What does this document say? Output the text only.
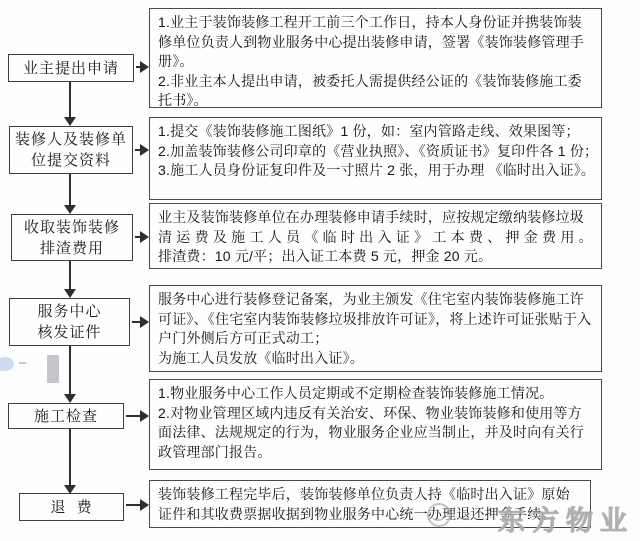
业主提出申请
装修人及装修单
位提交资料
收取装饰装修
排渣费用
服务中心
核发证件
施工检查
退  费
1.业主于装饰装修工程开工前三个工作日，持本人身份证并携装饰装
修单位负责人到物业服务中心提出装修申请，签署《装饰装修管理手
册》。
2.非业主本人提出申请，被委托人需提供经公证的《装饰装修施工委
托书》。
1.提交《装饰装修施工图纸》1 份，如：室内管路走线、效果图等；
2.加盖装饰装修公司印章的《营业执照》、《资质证书》复印件各 1 份；
3.施工人员身份证复印件及一寸照片 2 张，用于办理 《临时出入证》。
业主及装饰装修单位在办理装修申请手续时，应按规定缴纳装修垃圾
清 运 费 及 施 工 人 员 《 临 时 出 入 证 》 工 本 费 、 押 金 费 用 。
排渣费：10 元/平；出入证工本费 5 元，押金 20 元。
服务中心进行装修登记备案，为业主颁发《住宅室内装饰装修施工许
可证》、《住宅室内装饰装修垃圾排放许可证》，将上述许可证张贴于入
户门外侧后方可正式动工；
为施工人员发放《临时出入证》。
1.物业服务中心工作人员定期或不定期检查装饰装修施工情况。
2.对物业管理区域内违反有关治安、环保、物业装饰装修和使用等方
面法律、法规规定的行为，物业服务企业应当制止，并及时向有关行
政管理部门报告。
装饰装修工程完毕后，装饰装修单位负责人持《临时出入证》原始
证件和其收费票据收据到物业服务中心统一办理退还押金手续。
东方物业
